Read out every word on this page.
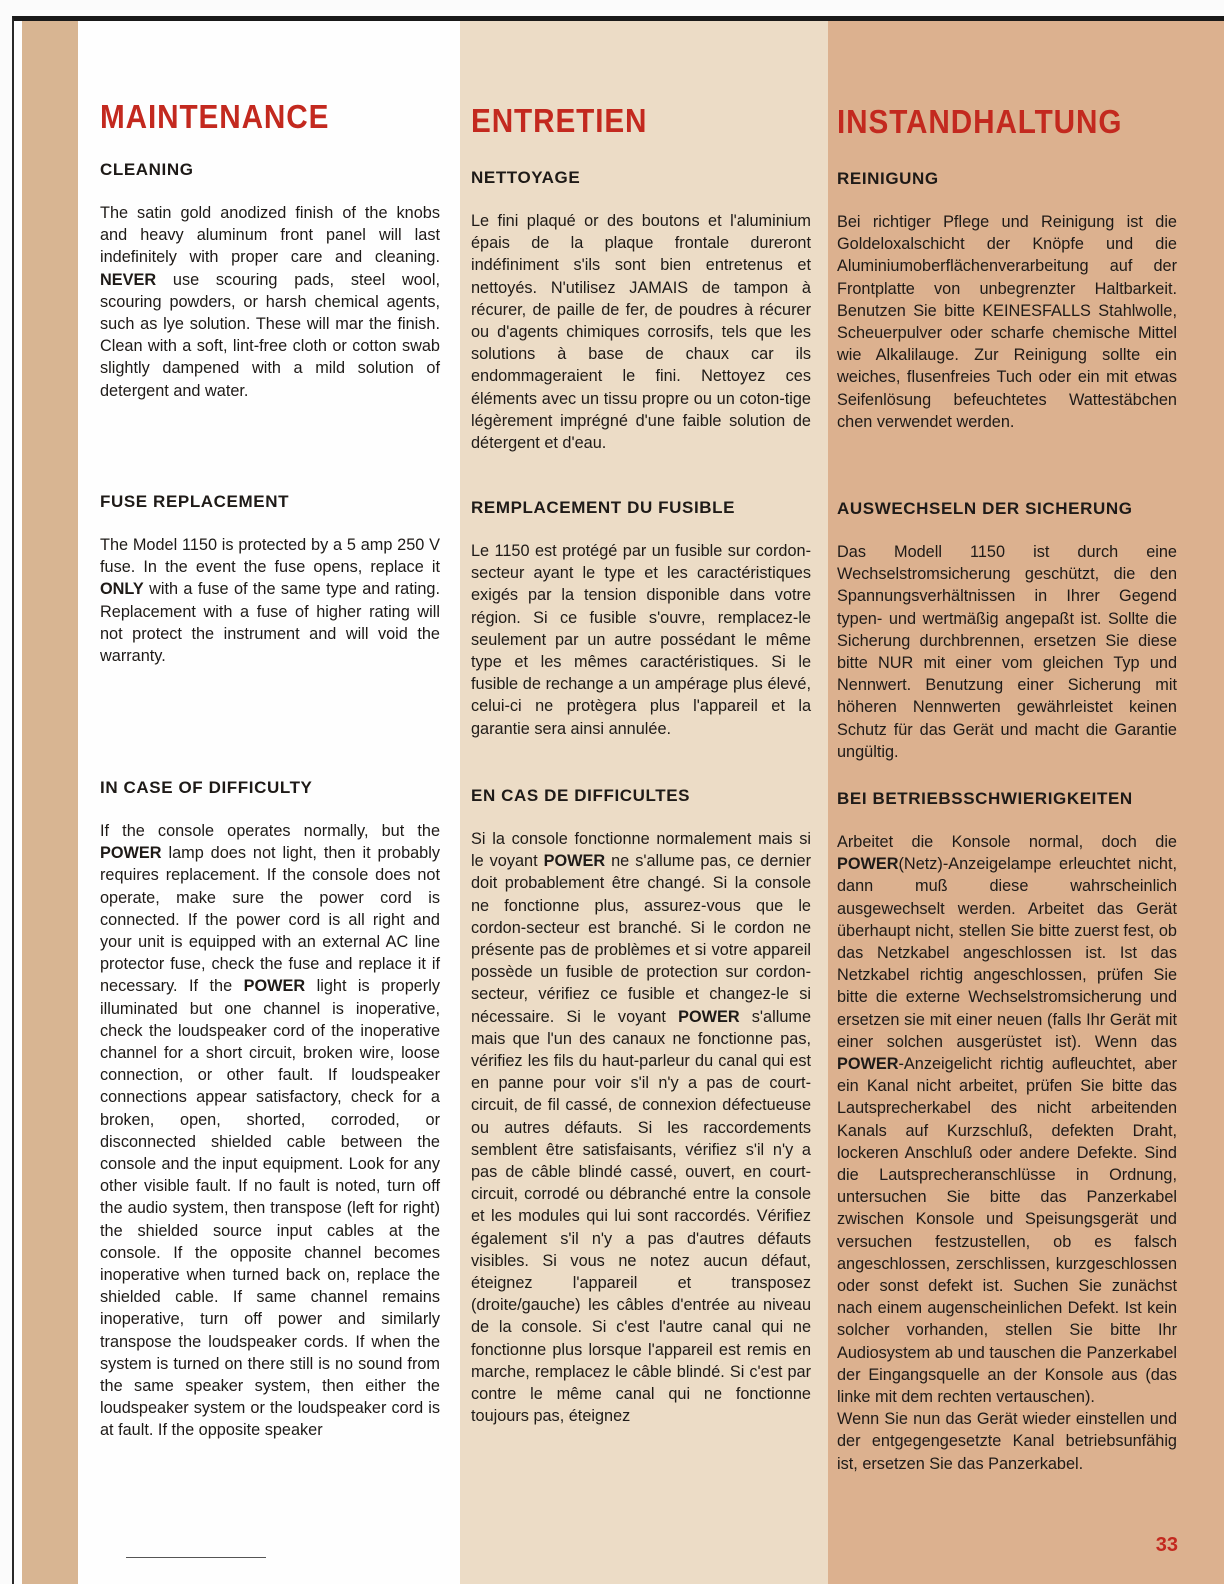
MAINTENANCE
CLEANING

The satin gold anodized finish of the knobs and heavy aluminum front panel will last indefinitely with proper care and cleaning. NEVER use scouring pads, steel wool, scouring powders, or harsh chemical agents, such as lye solution. These will mar the finish. Clean with a soft, lint-free cloth or cotton swab slightly dampened with a mild solution of detergent and water.

FUSE REPLACEMENT

The Model 1150 is protected by a 5 amp 250 V fuse. In the event the fuse opens, replace it ONLY with a fuse of the same type and rating. Replacement with a fuse of higher rating will not protect the instrument and will void the warranty.

IN CASE OF DIFFICULTY

If the console operates normally, but the POWER lamp does not light, then it probably requires replacement. If the console does not operate, make sure the power cord is connected. If the power cord is all right and your unit is equipped with an external AC line protector fuse, check the fuse and replace it if necessary. If the POWER light is properly illuminated but one channel is inoperative, check the loudspeaker cord of the inoperative channel for a short circuit, broken wire, loose connection, or other fault. If loudspeaker connections appear satisfactory, check for a broken, open, shorted, corroded, or disconnected shielded cable between the console and the input equipment. Look for any other visible fault. If no fault is noted, turn off the audio system, then transpose (left for right) the shielded source input cables at the console. If the opposite channel becomes inoperative when turned back on, replace the shielded cable. If same channel remains inoperative, turn off power and similarly transpose the loudspeaker cords. If when the system is turned on there still is no sound from the same speaker system, then either the loudspeaker system or the loudspeaker cord is at fault. If the opposite speaker

ENTRETIEN
NETTOYAGE

Le fini plaqué or des boutons et l'aluminium épais de la plaque frontale dureront indéfiniment s'ils sont bien entretenus et nettoyés. N'utilisez JAMAIS de tampon à récurer, de paille de fer, de poudres à récurer ou d'agents chimiques corrosifs, tels que les solutions à base de chaux car ils endommageraient le fini. Nettoyez ces éléments avec un tissu propre ou un coton-tige légèrement imprégné d'une faible solution de détergent et d'eau.

REMPLACEMENT DU FUSIBLE

Le 1150 est protégé par un fusible sur cordon-secteur ayant le type et les caractéristiques exigés par la tension disponible dans votre région. Si ce fusible s'ouvre, remplacez-le seulement par un autre possédant le même type et les mêmes caractéristiques. Si le fusible de rechange a un ampérage plus élevé, celui-ci ne protègera plus l'appareil et la garantie sera ainsi annulée.

EN CAS DE DIFFICULTES

Si la console fonctionne normalement mais si le voyant POWER ne s'allume pas, ce dernier doit probablement être changé. Si la console ne fonctionne plus, assurez-vous que le cordon-secteur est branché. Si le cordon ne présente pas de problèmes et si votre appareil possède un fusible de protection sur cordon-secteur, vérifiez ce fusible et changez-le si nécessaire. Si le voyant POWER s'allume mais que l'un des canaux ne fonctionne pas, vérifiez les fils du haut-parleur du canal qui est en panne pour voir s'il n'y a pas de court-circuit, de fil cassé, de connexion défectueuse ou autres défauts. Si les raccordements semblent être satisfaisants, vérifiez s'il n'y a pas de câble blindé cassé, ouvert, en court-circuit, corrodé ou débranché entre la console et les modules qui lui sont raccordés. Vérifiez également s'il n'y a pas d'autres défauts visibles. Si vous ne notez aucun défaut, éteignez l'appareil et transposez (droite/gauche) les câbles d'entrée au niveau de la console. Si c'est l'autre canal qui ne fonctionne plus lorsque l'appareil est remis en marche, remplacez le câble blindé. Si c'est par contre le même canal qui ne fonctionne toujours pas, éteignez

INSTANDHALTUNG
REINIGUNG

Bei richtiger Pflege und Reinigung ist die Goldeloxalschicht der Knöpfe und die Aluminiumoberflächenverarbeitung auf der Frontplatte von unbegrenzter Haltbarkeit. Benutzen Sie bitte KEINESFALLS Stahlwolle, Scheuerpulver oder scharfe chemische Mittel wie Alkalilauge. Zur Reinigung sollte ein weiches, flusenfreies Tuch oder ein mit etwas Seifenlösung befeuchtetes Wattestäbchen chen verwendet werden.

AUSWECHSELN DER SICHERUNG

Das Modell 1150 ist durch eine Wechselstromsicherung geschützt, die den Spannungsverhältnissen in Ihrer Gegend typen- und wertmäßig angepaßt ist. Sollte die Sicherung durchbrennen, ersetzen Sie diese bitte NUR mit einer vom gleichen Typ und Nennwert. Benutzung einer Sicherung mit höheren Nennwerten gewährleistet keinen Schutz für das Gerät und macht die Garantie ungültig.

BEI BETRIEBSSCHWIERIGKEITEN

Arbeitet die Konsole normal, doch die POWER(Netz)-Anzeigelampe erleuchtet nicht, dann muß diese wahrscheinlich ausgewechselt werden. Arbeitet das Gerät überhaupt nicht, stellen Sie bitte zuerst fest, ob das Netzkabel angeschlossen ist. Ist das Netzkabel richtig angeschlossen, prüfen Sie bitte die externe Wechselstromsicherung und ersetzen sie mit einer neuen (falls Ihr Gerät mit einer solchen ausgerüstet ist). Wenn das POWER-Anzeigelicht richtig aufleuchtet, aber ein Kanal nicht arbeitet, prüfen Sie bitte das Lautsprecherkabel des nicht arbeitenden Kanals auf Kurzschluß, defekten Draht, lockeren Anschluß oder andere Defekte. Sind die Lautsprecheranschlüsse in Ordnung, untersuchen Sie bitte das Panzerkabel zwischen Konsole und Speisungsgerät und versuchen festzustellen, ob es falsch angeschlossen, zerschlissen, kurzgeschlossen oder sonst defekt ist. Suchen Sie zunächst nach einem augenscheinlichen Defekt. Ist kein solcher vorhanden, stellen Sie bitte Ihr Audiosystem ab und tauschen die Panzerkabel der Eingangsquelle an der Konsole aus (das linke mit dem rechten vertauschen).

Wenn Sie nun das Gerät wieder einstellen und der entgegengesetzte Kanal betriebsunfähig ist, ersetzen Sie das Panzerkabel.

33
